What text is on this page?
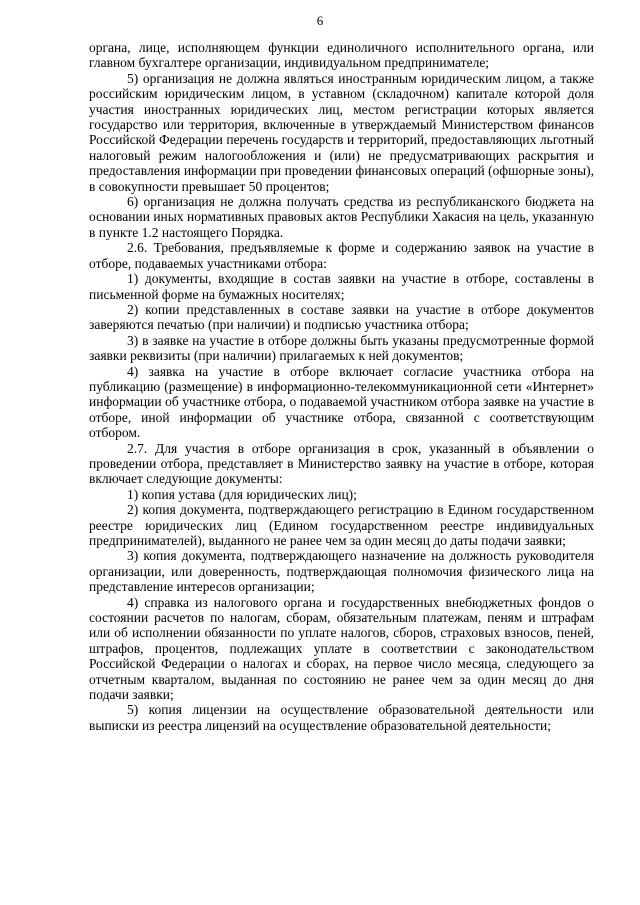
6

органа, лице, исполняющем функции единоличного исполнительного органа, или главном бухгалтере организации, индивидуальном предпринимателе;

5) организация не должна являться иностранным юридическим лицом, а также российским юридическим лицом, в уставном (складочном) капитале которой доля участия иностранных юридических лиц, местом регистрации которых является государство или территория, включенные в утверждаемый Министерством финансов Российской Федерации перечень государств и территорий, предоставляющих льготный налоговый режим налогообложения и (или) не предусматривающих раскрытия и предоставления информации при проведении финансовых операций (офшорные зоны), в совокупности превышает 50 процентов;

6) организация не должна получать средства из республиканского бюджета на основании иных нормативных правовых актов Республики Хакасия на цель, указанную в пункте 1.2 настоящего Порядка.

2.6. Требования, предъявляемые к форме и содержанию заявок на участие в отборе, подаваемых участниками отбора:

1) документы, входящие в состав заявки на участие в отборе, составлены в письменной форме на бумажных носителях;

2) копии представленных в составе заявки на участие в отборе документов заверяются печатью (при наличии) и подписью участника отбора;

3) в заявке на участие в отборе должны быть указаны предусмотренные формой заявки реквизиты (при наличии) прилагаемых к ней документов;

4) заявка на участие в отборе включает согласие участника отбора на публикацию (размещение) в информационно-телекоммуникационной сети «Интернет» информации об участнике отбора, о подаваемой участником отбора заявке на участие в отборе, иной информации об участнике отбора, связанной с соответствующим отбором.

2.7. Для участия в отборе организация в срок, указанный в объявлении о проведении отбора, представляет в Министерство заявку на участие в отборе, которая включает следующие документы:

1) копия устава (для юридических лиц);

2) копия документа, подтверждающего регистрацию в Едином государственном реестре юридических лиц (Едином государственном реестре индивидуальных предпринимателей), выданного не ранее чем за один месяц до даты подачи заявки;

3) копия документа, подтверждающего назначение на должность руководителя организации, или доверенность, подтверждающая полномочия физического лица на представление интересов организации;

4) справка из налогового органа и государственных внебюджетных фондов о состоянии расчетов по налогам, сборам, обязательным платежам, пеням и штрафам или об исполнении обязанности по уплате налогов, сборов, страховых взносов, пеней, штрафов, процентов, подлежащих уплате в соответствии с законодательством Российской Федерации о налогах и сборах, на первое число месяца, следующего за отчетным кварталом, выданная по состоянию не ранее чем за один месяц до дня подачи заявки;

5) копия лицензии на осуществление образовательной деятельности или выписки из реестра лицензий на осуществление образовательной деятельности;
